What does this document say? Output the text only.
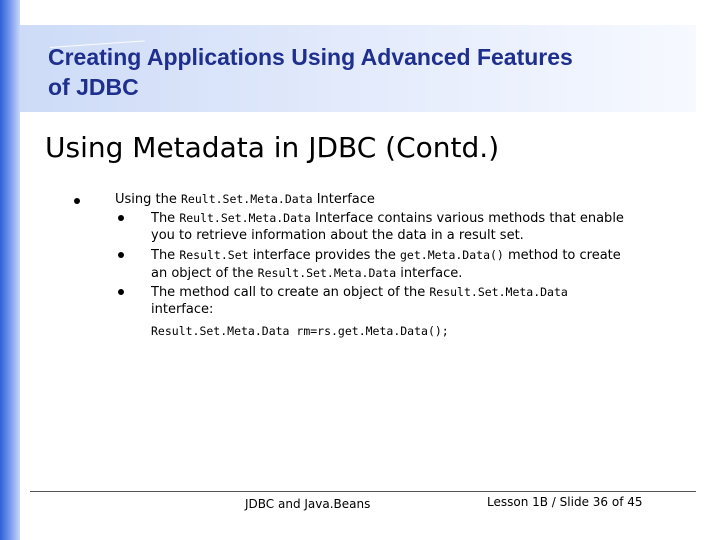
Creating Applications Using Advanced Features
of JDBC
Using Metadata in JDBC (Contd.)
Using the Reult.Set.Meta.Data Interface
The Reult.Set.Meta.Data Interface contains various methods that enable
you to retrieve information about the data in a result set.
The Result.Set interface provides the get.Meta.Data() method to create
an object of the Result.Set.Meta.Data interface.
The method call to create an object of the Result.Set.Meta.Data
interface:
Result.Set.Meta.Data rm=rs.get.Meta.Data();
JDBC and Java.Beans	Lesson 1B / Slide 36 of 45
